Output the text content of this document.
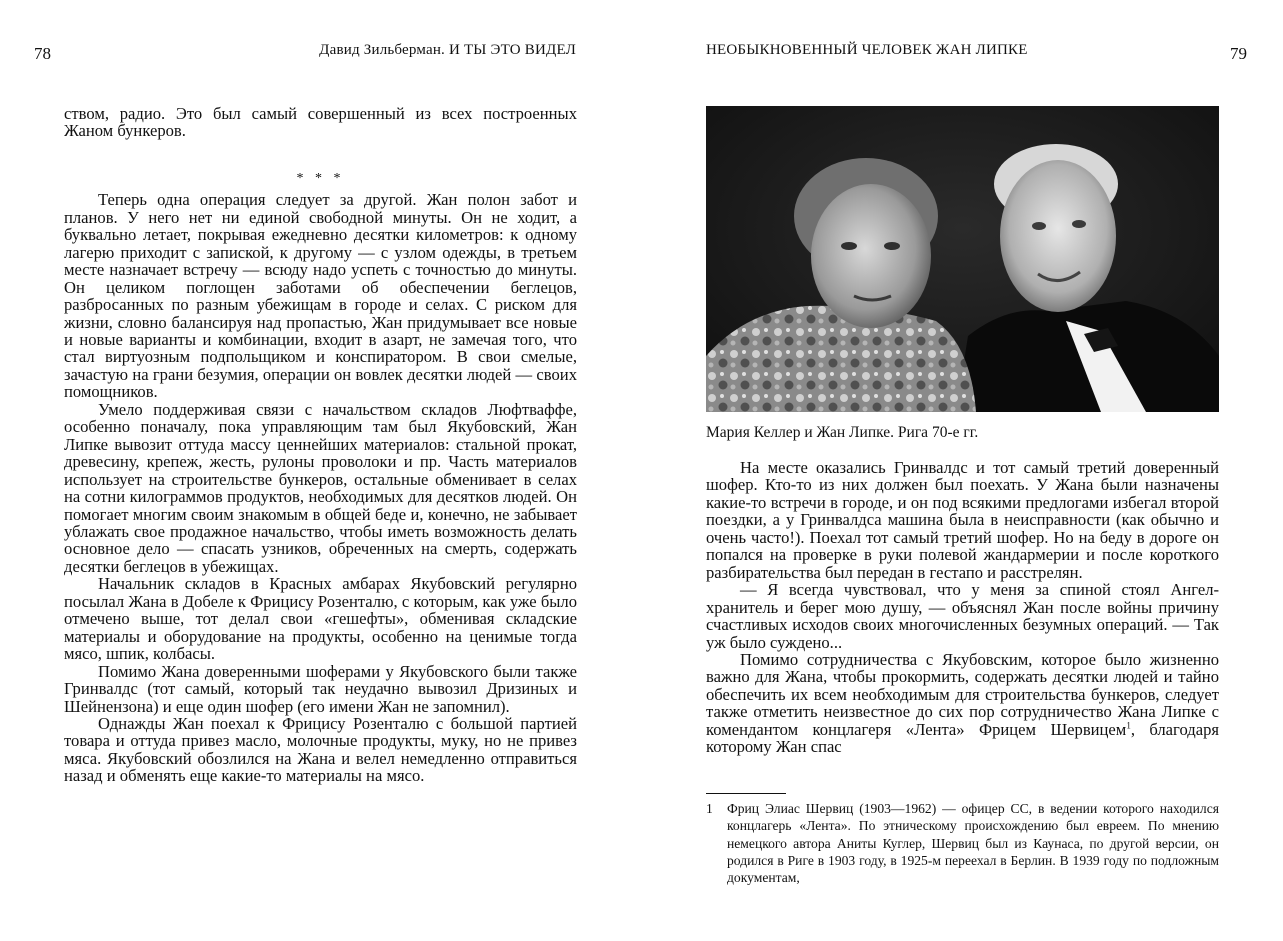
78	Давид Зильберман. И ТЫ ЭТО ВИДЕЛ

ством, радио. Это был самый совершенный из всех построенных Жаном бункеров.

* * *

Теперь одна операция следует за другой. Жан полон забот и планов. У него нет ни единой свободной минуты. Он не ходит, а буквально летает, покрывая ежедневно десятки километров: к одному лагерю приходит с запиской, к другому — с узлом одежды, в третьем месте назначает встречу — всюду надо успеть с точностью до минуты. Он целиком поглощен заботами об обеспечении беглецов, разбросанных по разным убежищам в городе и селах. С риском для жизни, словно балансируя над пропастью, Жан придумывает все новые и новые варианты и комбинации, входит в азарт, не замечая того, что стал виртуозным подпольщиком и конспиратором. В свои смелые, зачастую на грани безумия, операции он вовлек десятки людей — своих помощников.

Умело поддерживая связи с начальством складов Люфтваффе, особенно поначалу, пока управляющим там был Якубовский, Жан Липке вывозит оттуда массу ценнейших материалов: стальной прокат, древесину, крепеж, жесть, рулоны проволоки и пр. Часть материалов использует на строительстве бункеров, остальные обменивает в селах на сотни килограммов продуктов, необходимых для десятков людей. Он помогает многим своим знакомым в общей беде и, конечно, не забывает ублажать свое продажное начальство, чтобы иметь возможность делать основное дело — спасать узников, обреченных на смерть, содержать десятки беглецов в убежищах.

Начальник складов в Красных амбарах Якубовский регулярно посылал Жана в Добеле к Фрицису Розенталю, с которым, как уже было отмечено выше, тот делал свои «гешефты», обменивая складские материалы и оборудование на продукты, особенно на ценимые тогда мясо, шпик, колбасы.

Помимо Жана доверенными шоферами у Якубовского были также Гринвалдс (тот самый, который так неудачно вывозил Дризиных и Шейнензона) и еще один шофер (его имени Жан не запомнил).

Однажды Жан поехал к Фрицису Розенталю с большой партией товара и оттуда привез масло, молочные продукты, муку, но не привез мяса. Якубовский обозлился на Жана и велел немедленно отправиться назад и обменять еще какие-то материалы на мясо.

НЕОБЫКНОВЕННЫЙ ЧЕЛОВЕК ЖАН ЛИПКЕ	79
Мария Келлер и Жан Липке. Рига 70-е гг.

На месте оказались Гринвалдс и тот самый третий доверенный шофер. Кто-то из них должен был поехать. У Жана были назначены какие-то встречи в городе, и он под всякими предлогами избегал второй поездки, а у Гринвалдса машина была в неисправности (как обычно и очень часто!). Поехал тот самый третий шофер. Но на беду в дороге он попался на проверке в руки полевой жандармерии и после короткого разбирательства был передан в гестапо и расстрелян.

— Я всегда чувствовал, что у меня за спиной стоял Ангел-хранитель и берег мою душу, — объяснял Жан после войны причину счастливых исходов своих многочисленных безумных операций. — Так уж было суждено...

Помимо сотрудничества с Якубовским, которое было жизненно важно для Жана, чтобы прокормить, содержать десятки людей и тайно обеспечить их всем необходимым для строительства бункеров, следует также отметить неизвестное до сих пор сотрудничество Жана Липке с комендантом концлагеря «Лента» Фрицем Шервицем$^1$, благодаря которому Жан спас

1	Фриц Элиас Шервиц (1903—1962) — офицер СС, в ведении которого находился концлагерь «Лента». По этническому происхождению был евреем. По мнению немецкого автора Аниты Куглер, Шервиц был из Каунаса, по другой версии, он родился в Риге в 1903 году, в 1925-м переехал в Берлин. В 1939 году по подложным документам,
